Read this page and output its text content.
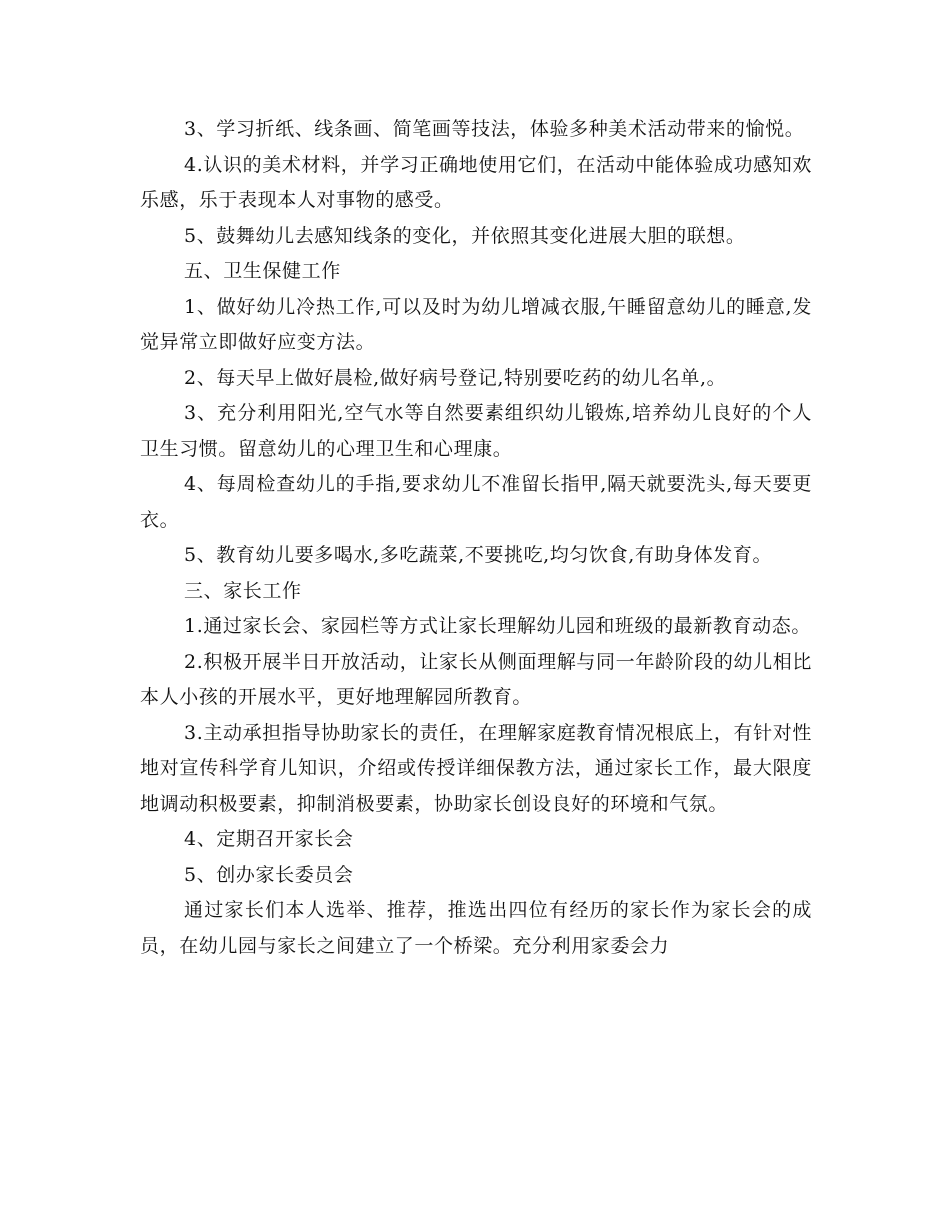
3、学习折纸、线条画、简笔画等技法，体验多种美术活动带来的愉悦。

4.认识的美术材料，并学习正确地使用它们，在活动中能体验成功感知欢乐感，乐于表现本人对事物的感受。

5、鼓舞幼儿去感知线条的变化，并依照其变化进展大胆的联想。

五、卫生保健工作

1、做好幼儿冷热工作,可以及时为幼儿增减衣服,午睡留意幼儿的睡意,发觉异常立即做好应变方法。

2、每天早上做好晨检,做好病号登记,特别要吃药的幼儿名单,。

3、充分利用阳光,空气水等自然要素组织幼儿锻炼,培养幼儿良好的个人卫生习惯。留意幼儿的心理卫生和心理康。

4、每周检查幼儿的手指,要求幼儿不准留长指甲,隔天就要洗头,每天要更衣。

5、教育幼儿要多喝水,多吃蔬菜,不要挑吃,均匀饮食,有助身体发育。

三、家长工作

1.通过家长会、家园栏等方式让家长理解幼儿园和班级的最新教育动态。

2.积极开展半日开放活动，让家长从侧面理解与同一年龄阶段的幼儿相比本人小孩的开展水平，更好地理解园所教育。

3.主动承担指导协助家长的责任，在理解家庭教育情况根底上，有针对性地对宣传科学育儿知识，介绍或传授详细保教方法，通过家长工作，最大限度地调动积极要素，抑制消极要素，协助家长创设良好的环境和气氛。

4、定期召开家长会

5、创办家长委员会

通过家长们本人选举、推荐，推选出四位有经历的家长作为家长会的成员，在幼儿园与家长之间建立了一个桥梁。充分利用家委会力
